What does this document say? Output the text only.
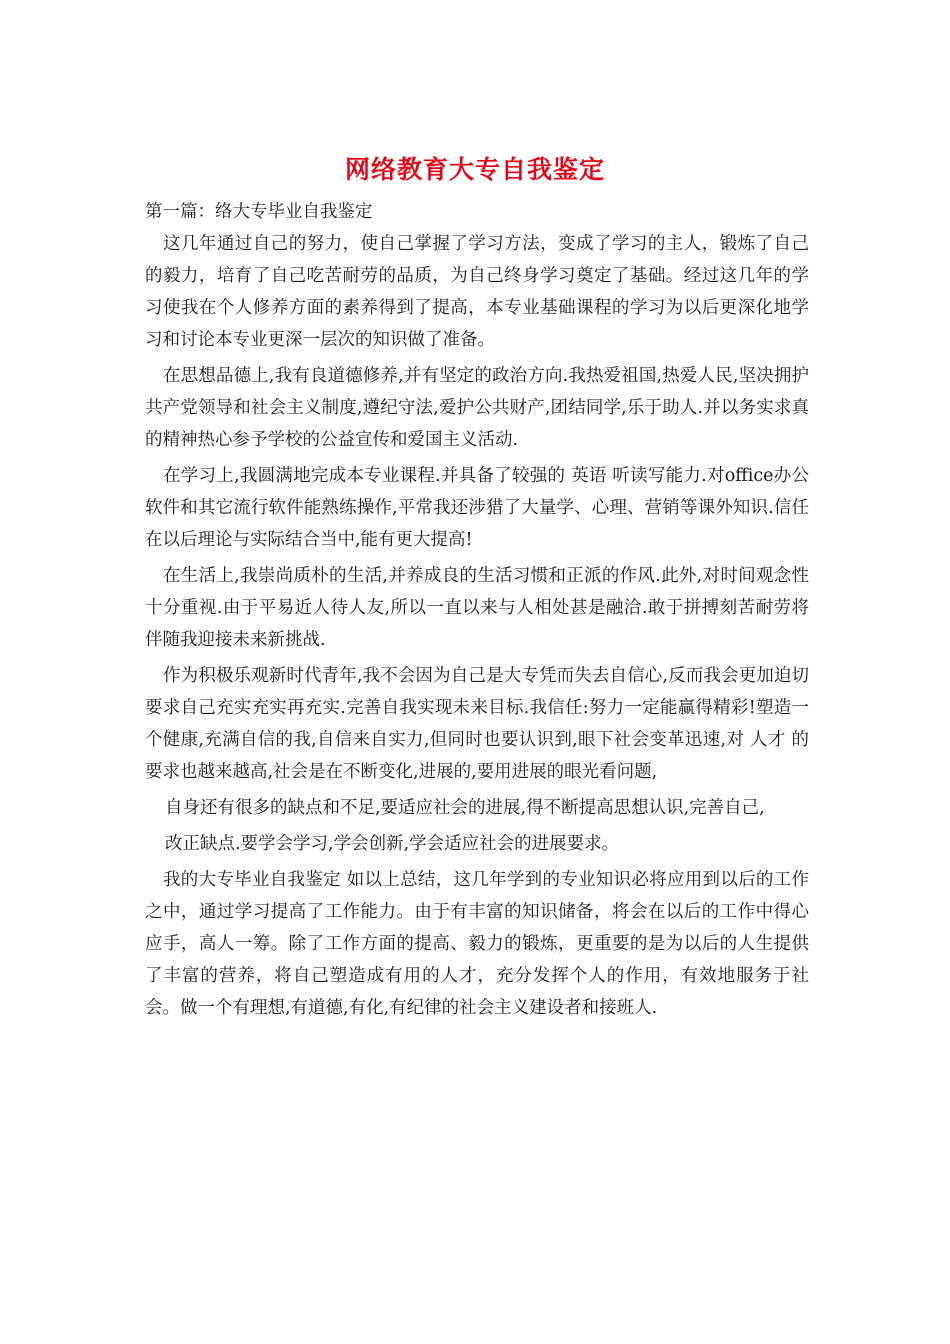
网络教育大专自我鉴定

第一篇：络大专毕业自我鉴定

这几年通过自己的努力，使自己掌握了学习方法，变成了学习的主人，锻炼了自己的毅力，培育了自己吃苦耐劳的品质，为自己终身学习奠定了基础。经过这几年的学习使我在个人修养方面的素养得到了提高，本专业基础课程的学习为以后更深化地学习和讨论本专业更深一层次的知识做了准备。

在思想品德上,我有良道德修养,并有坚定的政治方向.我热爱祖国,热爱人民,坚决拥护共产党领导和社会主义制度,遵纪守法,爱护公共财产,团结同学,乐于助人.并以务实求真的精神热心参予学校的公益宣传和爱国主义活动.

在学习上,我圆满地完成本专业课程.并具备了较强的 英语 听读写能力.对office办公软件和其它流行软件能熟练操作,平常我还涉猎了大量学、心理、营销等课外知识.信任在以后理论与实际结合当中,能有更大提高!

在生活上,我崇尚质朴的生活,并养成良的生活习惯和正派的作风.此外,对时间观念性十分重视.由于平易近人待人友,所以一直以来与人相处甚是融洽.敢于拼搏刻苦耐劳将伴随我迎接未来新挑战.

作为积极乐观新时代青年,我不会因为自己是大专凭而失去自信心,反而我会更加迫切要求自己充实充实再充实.完善自我实现未来目标.我信任:努力一定能赢得精彩!塑造一个健康,充满自信的我,自信来自实力,但同时也要认识到,眼下社会变革迅速,对 人才 的要求也越来越高,社会是在不断变化,进展的,要用进展的眼光看问题,

自身还有很多的缺点和不足,要适应社会的进展,得不断提高思想认识,完善自己,

改正缺点.要学会学习,学会创新,学会适应社会的进展要求。

我的大专毕业自我鉴定 如以上总结，这几年学到的专业知识必将应用到以后的工作之中，通过学习提高了工作能力。由于有丰富的知识储备，将会在以后的工作中得心应手，高人一筹。除了工作方面的提高、毅力的锻炼，更重要的是为以后的人生提供了丰富的营养，将自己塑造成有用的人才，充分发挥个人的作用，有效地服务于社会。做一个有理想,有道德,有化,有纪律的社会主义建设者和接班人.
